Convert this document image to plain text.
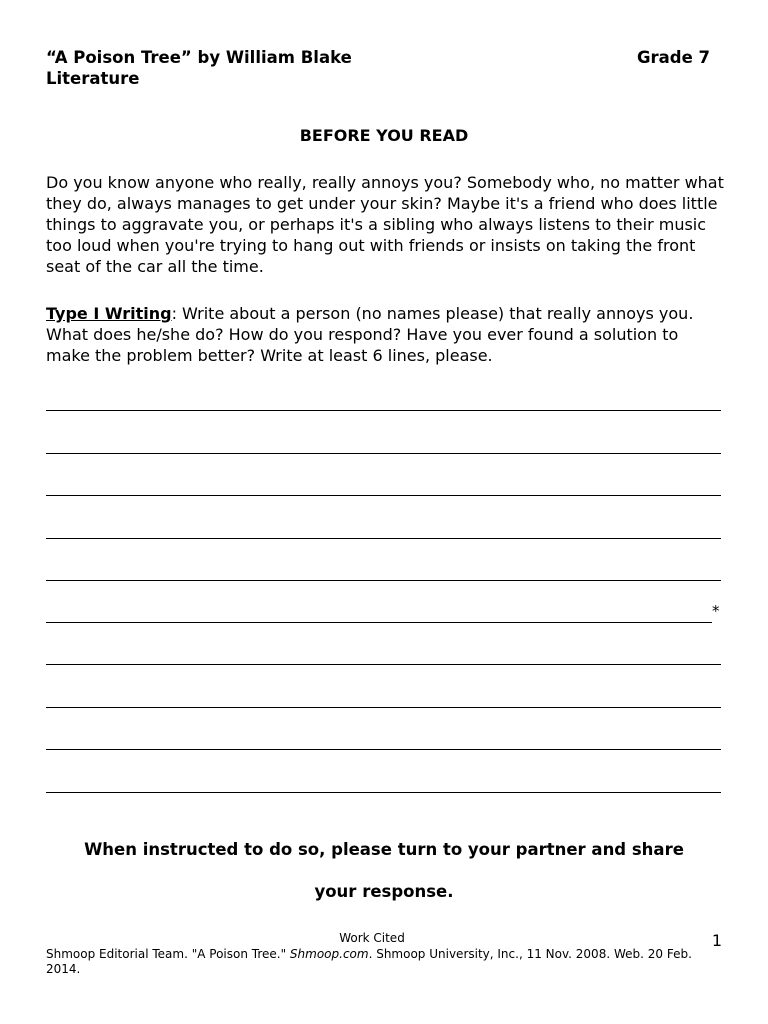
“A Poison Tree” by William Blake
Literature
Grade 7
BEFORE YOU READ
Do you know anyone who really, really annoys you? Somebody who, no matter what they do, always manages to get under your skin? Maybe it's a friend who does little things to aggravate you, or perhaps it's a sibling who always listens to their music too loud when you're trying to hang out with friends or insists on taking the front seat of the car all the time.
Type I Writing: Write about a person (no names please) that really annoys you. What does he/she do? How do you respond? Have you ever found a solution to make the problem better? Write at least 6 lines, please.
*
When instructed to do so, please turn to your partner and share
your response.
Work Cited	1
Shmoop Editorial Team. "A Poison Tree." Shmoop.com. Shmoop University, Inc., 11 Nov. 2008. Web. 20 Feb. 2014.
